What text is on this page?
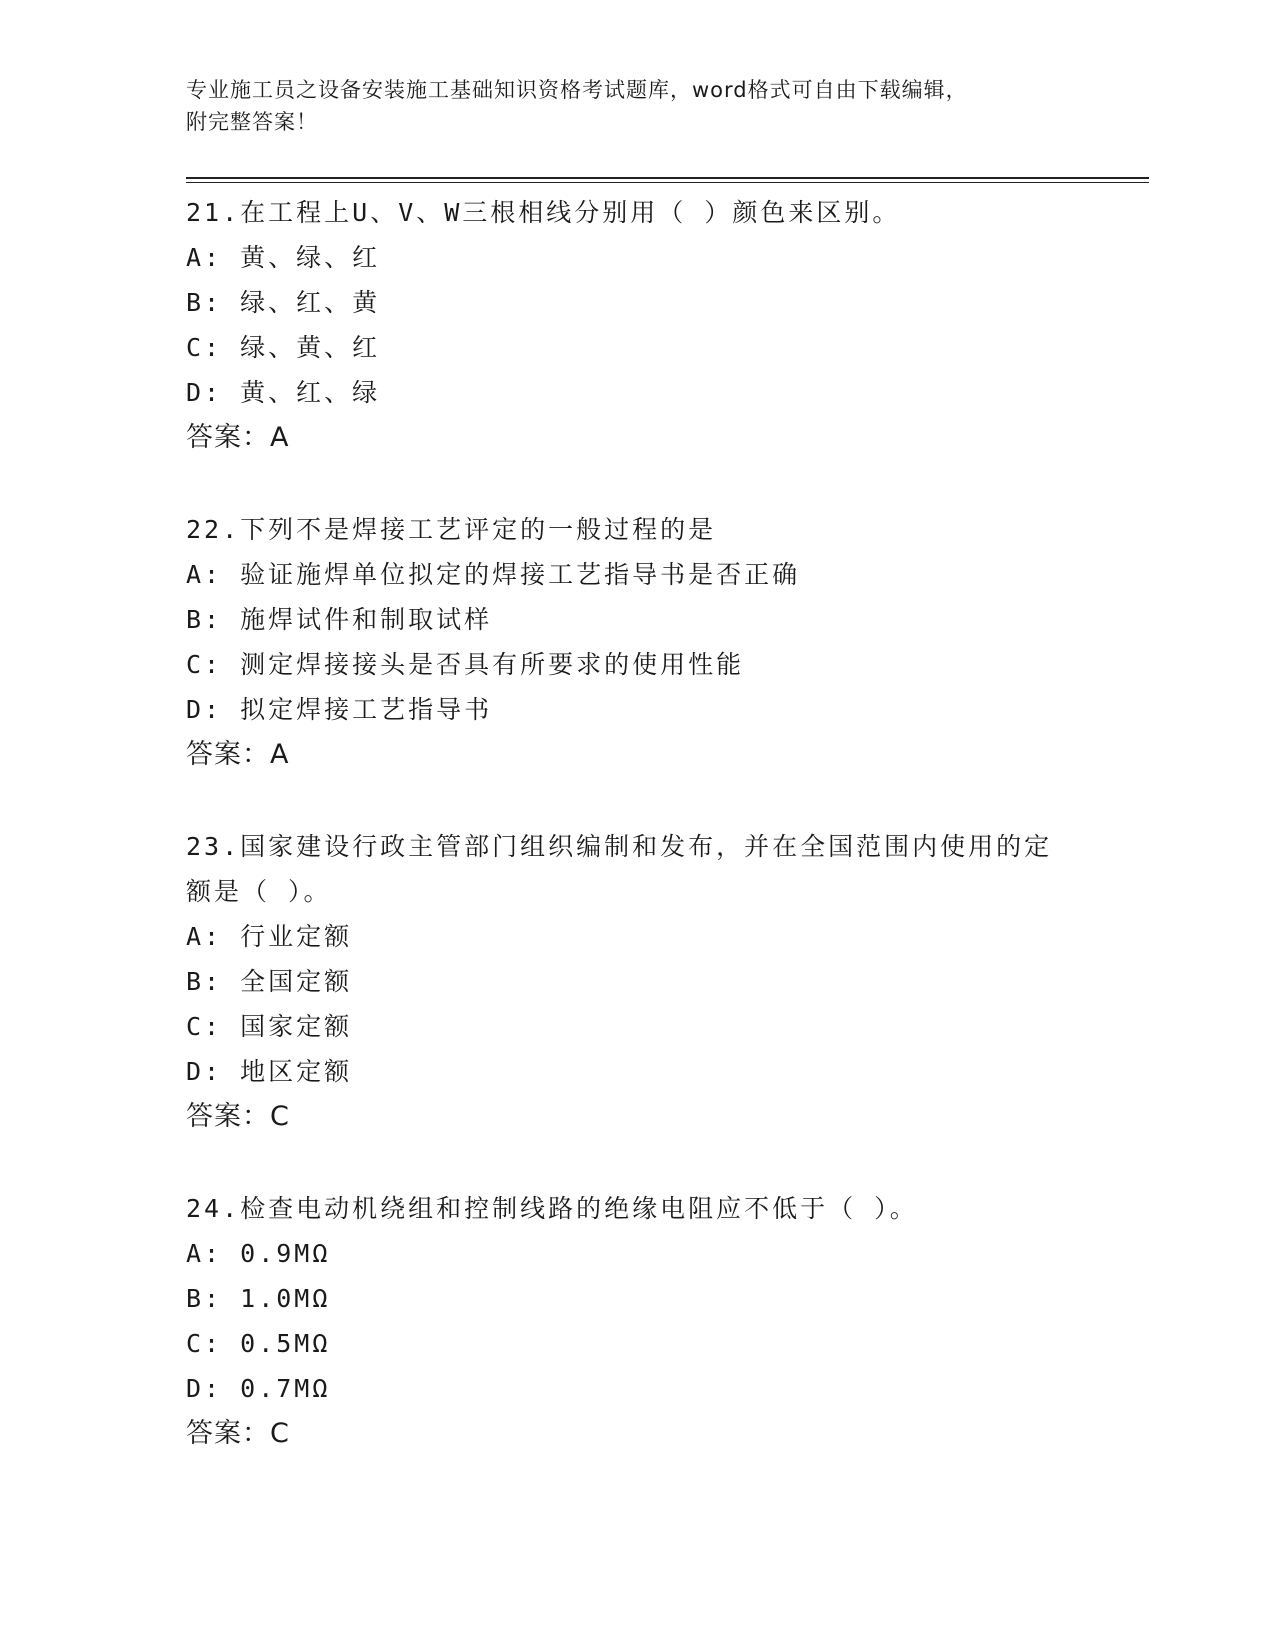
专业施工员之设备安装施工基础知识资格考试题库，word格式可自由下载编辑，
附完整答案！
21.在工程上U、V、W三根相线分别用（ ）颜色来区别。
A: 黄、绿、红
B: 绿、红、黄
C: 绿、黄、红
D: 黄、红、绿
答案：A
22.下列不是焊接工艺评定的一般过程的是
A: 验证施焊单位拟定的焊接工艺指导书是否正确
B: 施焊试件和制取试样
C: 测定焊接接头是否具有所要求的使用性能
D: 拟定焊接工艺指导书
答案：A
23.国家建设行政主管部门组织编制和发布，并在全国范围内使用的定
额是（ ）。
A: 行业定额
B: 全国定额
C: 国家定额
D: 地区定额
答案：C
24.检查电动机绕组和控制线路的绝缘电阻应不低于（ ）。
A: 0.9MΩ
B: 1.0MΩ
C: 0.5MΩ
D: 0.7MΩ
答案：C
